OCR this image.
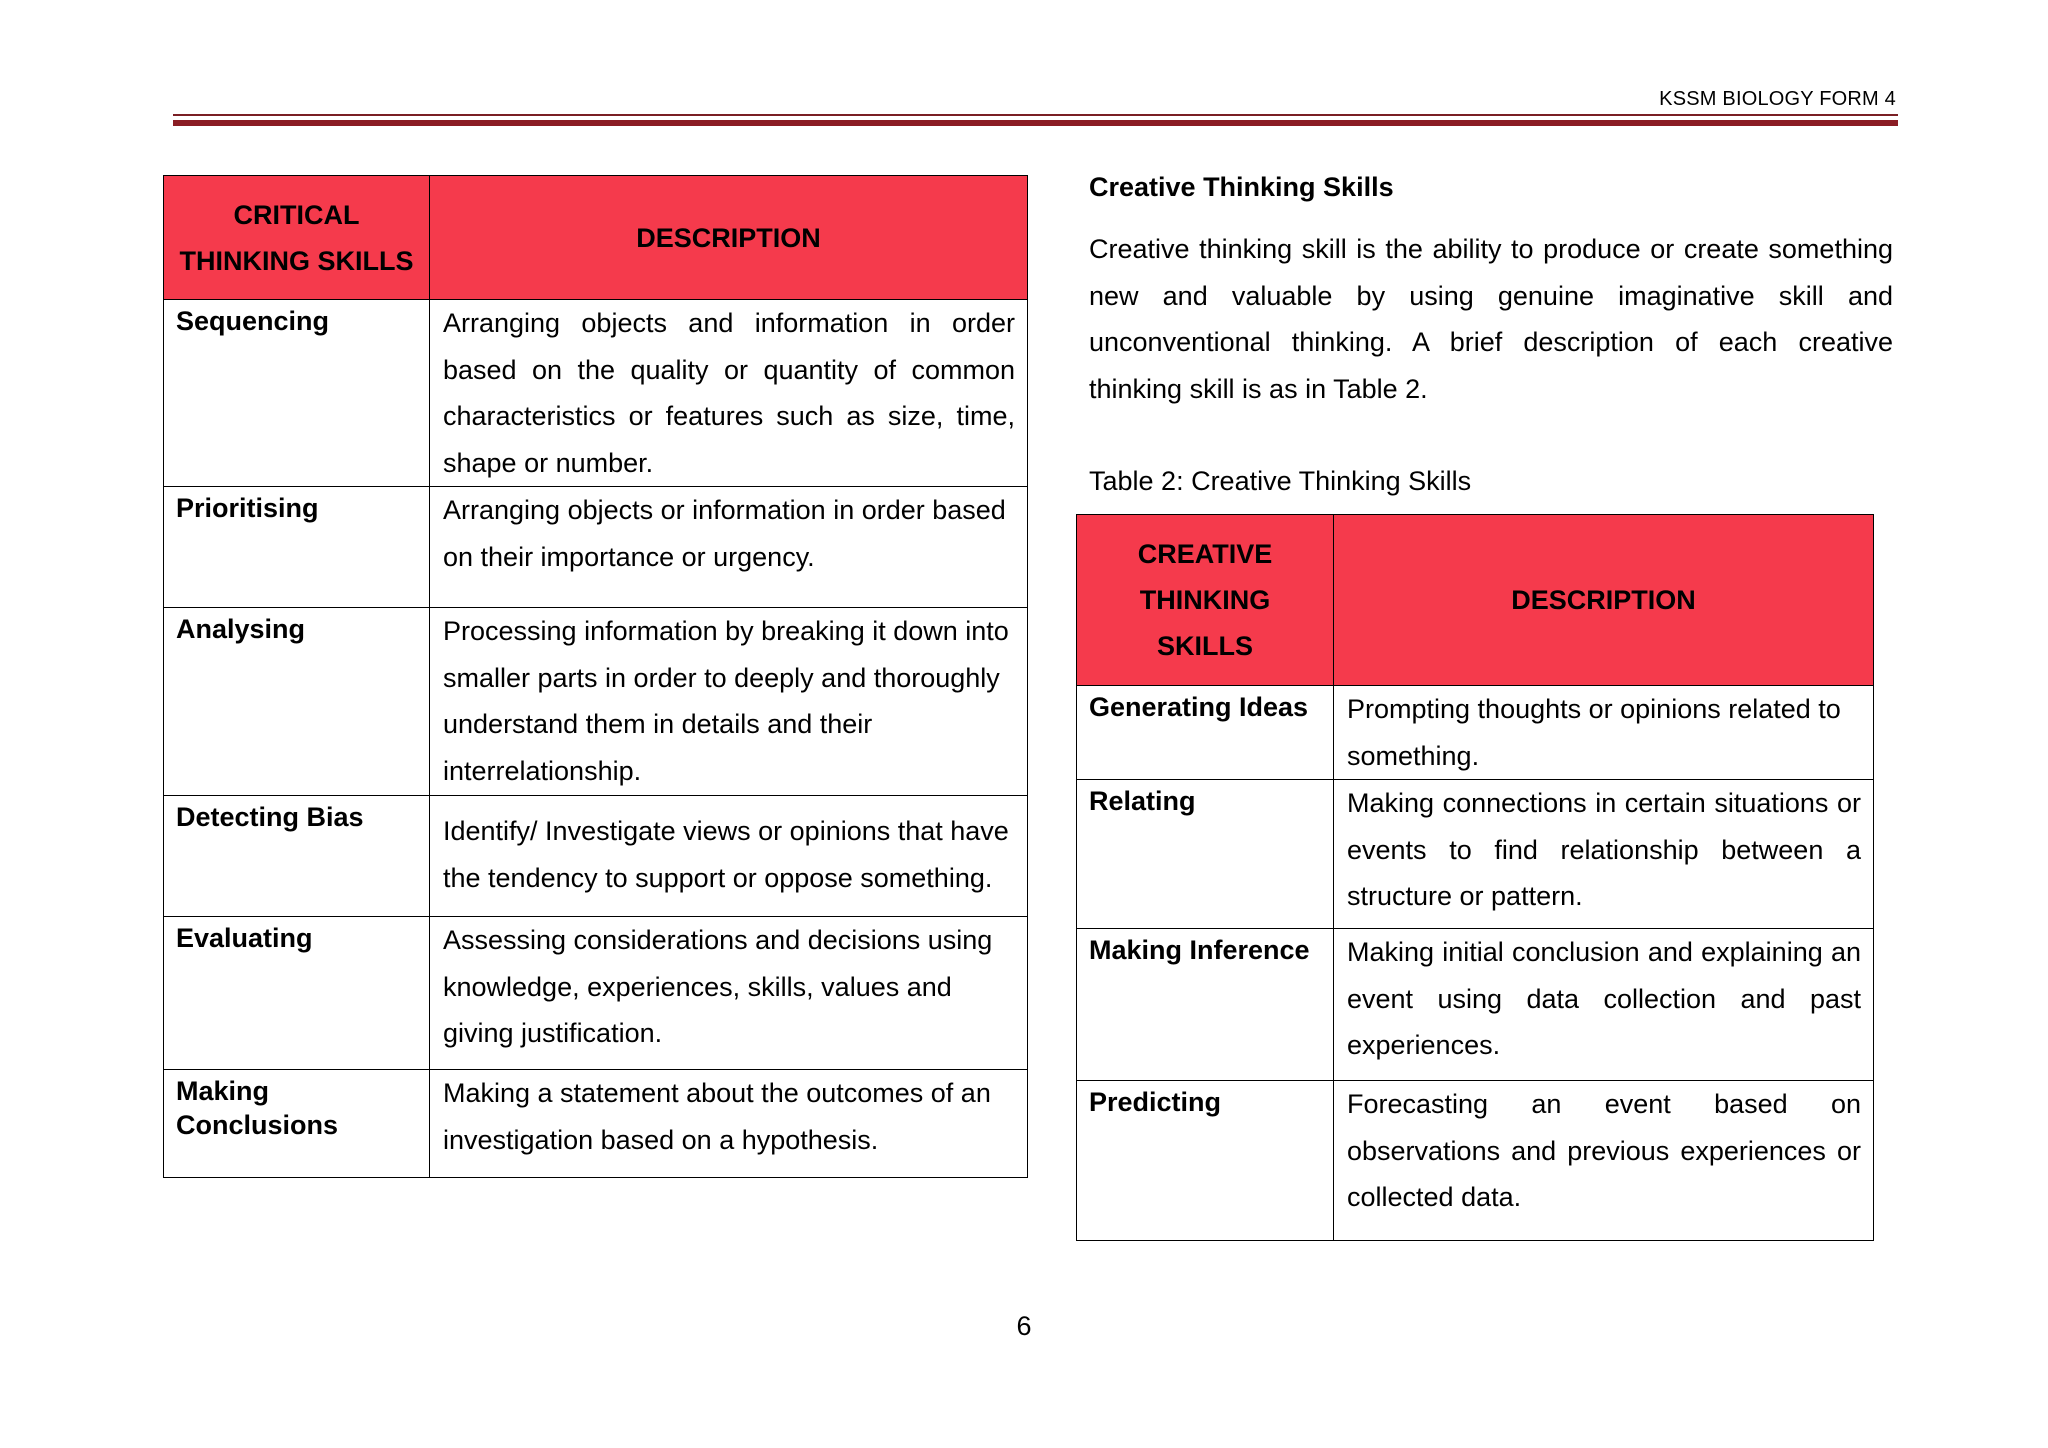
KSSM BIOLOGY FORM 4
CRITICAL THINKING SKILLS	DESCRIPTION
Sequencing	Arranging objects and information in order based on the quality or quantity of common characteristics or features such as size, time, shape or number.
Prioritising	Arranging objects or information in order based on their importance or urgency.
Analysing	Processing information by breaking it down into smaller parts in order to deeply and thoroughly understand them in details and their interrelationship.
Detecting Bias	Identify/ Investigate views or opinions that have the tendency to support or oppose something.
Evaluating	Assessing considerations and decisions using knowledge, experiences, skills, values and giving justification.
Making Conclusions	Making a statement about the outcomes of an investigation based on a hypothesis.
Creative Thinking Skills
Creative thinking skill is the ability to produce or create something new and valuable by using genuine imaginative skill and unconventional thinking. A brief description of each creative thinking skill is as in Table 2.
Table 2: Creative Thinking Skills
CREATIVE THINKING SKILLS	DESCRIPTION
Generating Ideas	Prompting thoughts or opinions related to something.
Relating	Making connections in certain situations or events to find relationship between a structure or pattern.
Making Inference	Making initial conclusion and explaining an event using data collection and past experiences.
Predicting	Forecasting an event based on observations and previous experiences or collected data.
6
